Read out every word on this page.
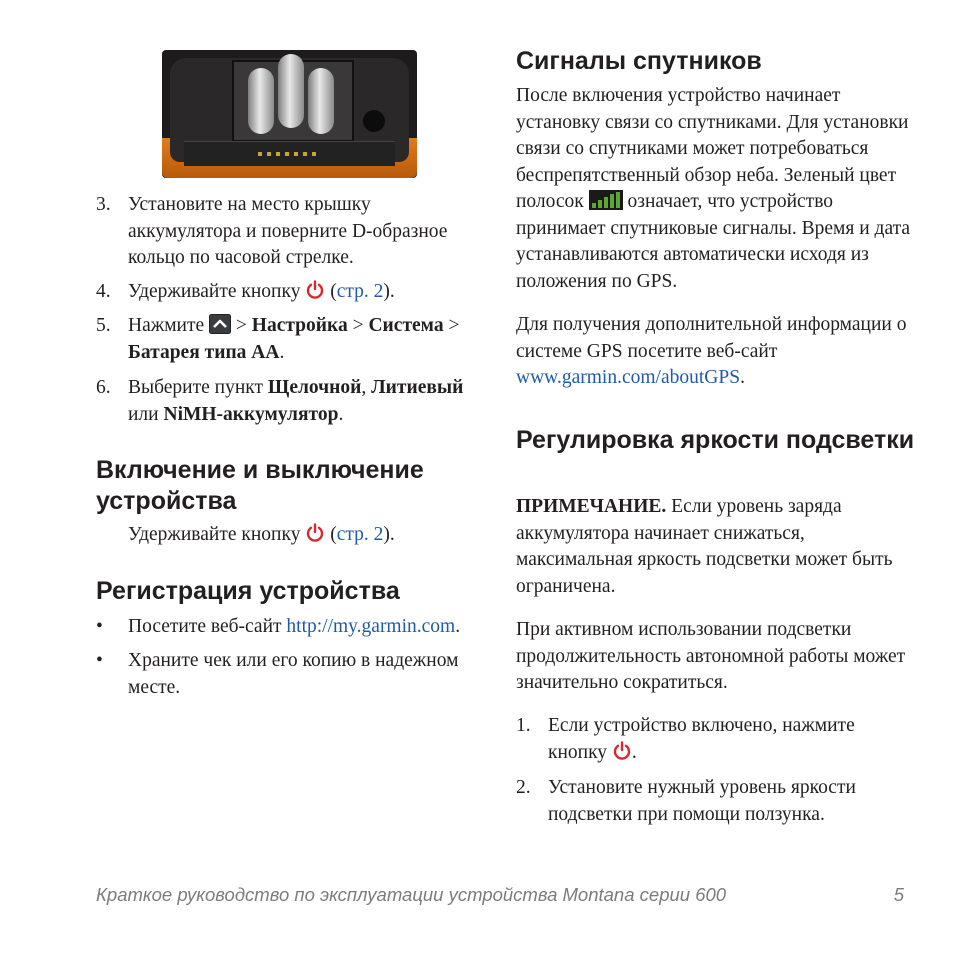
3. Установите на место крышку аккумулятора и поверните D-образное кольцо по часовой стрелке.
4. Удерживайте кнопку  (стр. 2).
5. Нажмите  > Настройка > Система > Батарея типа АА.
6. Выберите пункт Щелочной, Литиевый или NiMH-аккумулятор.
Включение и выключение устройства
Удерживайте кнопку  (стр. 2).
Регистрация устройства
•	Посетите веб-сайт http://my.garmin.com.
•	Храните чек или его копию в надежном месте.
Сигналы спутников
После включения устройство начинает установку связи со спутниками. Для установки связи со спутниками может потребоваться беспрепятственный обзор неба. Зеленый цвет полосок  означает, что устройство принимает спутниковые сигналы. Время и дата устанавливаются автоматически исходя из положения по GPS.
Для получения дополнительной информации о системе GPS посетите веб-сайт www.garmin.com/aboutGPS.
Регулировка яркости подсветки
ПРИМЕЧАНИЕ. Если уровень заряда аккумулятора начинает снижаться, максимальная яркость подсветки может быть ограничена.
При активном использовании подсветки продолжительность автономной работы может значительно сократиться.
1. Если устройство включено, нажмите кнопку .
2. Установите нужный уровень яркости подсветки при помощи ползунка.
Краткое руководство по эксплуатации устройства Montana серии 600	5
